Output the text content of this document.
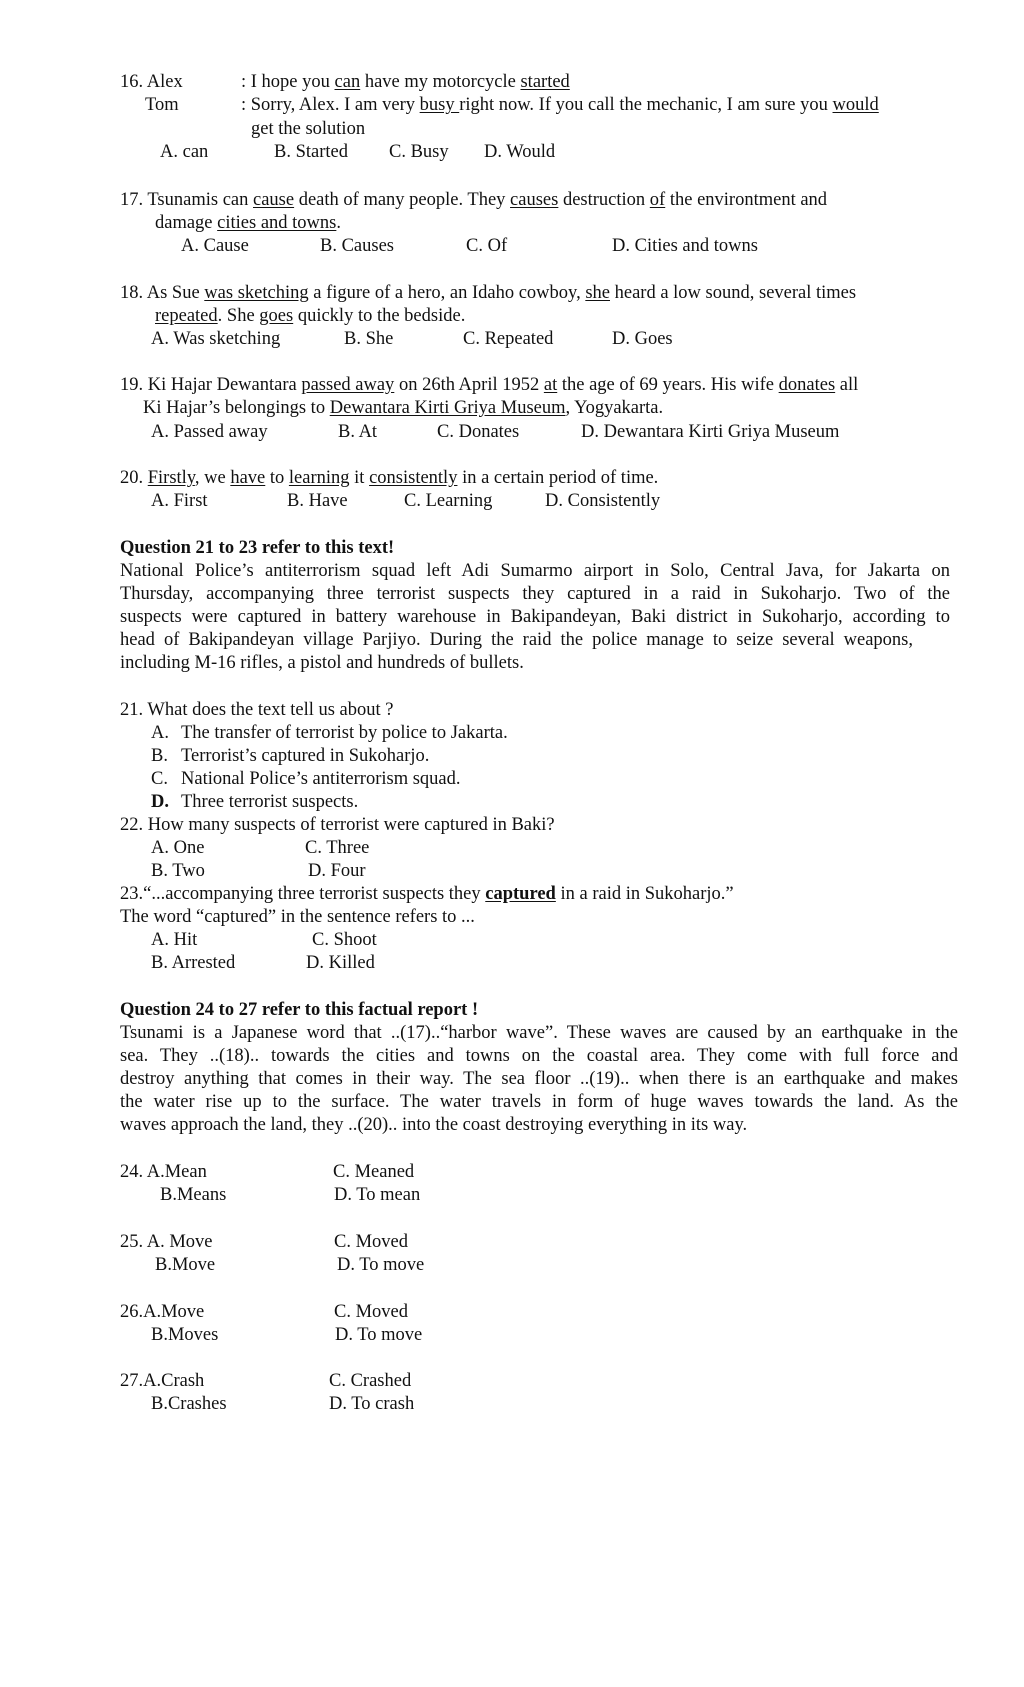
16. Alex	: I hope you can have my motorcycle started
Tom	: Sorry, Alex. I am very busy right now. If you call the mechanic, I am sure you would
get the solution
A. can	B. Started C. Busy D. Would
17. Tsunamis can cause death of many people. They causes destruction of the environtment and
damage cities and towns.
A. Cause	B. Causes	C. Of	D. Cities and towns
18. As Sue was sketching a figure of a hero, an Idaho cowboy, she heard a low sound, several times
repeated. She goes quickly to the bedside.
A. Was sketching	B. She	C. Repeated	D. Goes
19. Ki Hajar Dewantara passed away on 26th April 1952 at the age of 69 years. His wife donates all
Ki Hajar’s belongings to Dewantara Kirti Griya Museum, Yogyakarta.
A. Passed away	B. At	C. Donates	D. Dewantara Kirti Griya Museum
20. Firstly, we have to learning it consistently in a certain period of time.
A. First	B. Have	C. Learning	D. Consistently
Question 21 to 23 refer to this text!
National Police’s antiterrorism squad left Adi Sumarmo airport in Solo, Central Java, for Jakarta on
Thursday, accompanying three terrorist suspects they captured in a raid in Sukoharjo. Two of the
suspects were captured in battery warehouse in Bakipandeyan, Baki district in Sukoharjo, according to
head of Bakipandeyan village Parjiyo. During the raid the police manage to seize several weapons,
including M-16 rifles, a pistol and hundreds of bullets.
21. What does the text tell us about ?
A. The transfer of terrorist by police to Jakarta.
B. Terrorist’s captured in Sukoharjo.
C. National Police’s antiterrorism squad.
D. Three terrorist suspects.
22. How many suspects of terrorist were captured in Baki?
A. One	C. Three
B. Two	D. Four
23.“...accompanying three terrorist suspects they captured in a raid in Sukoharjo.”
The word “captured” in the sentence refers to ...
A. Hit	C. Shoot
B. Arrested	D. Killed
Question 24 to 27 refer to this factual report !
Tsunami is a Japanese word that ..(17)..“harbor wave”. These waves are caused by an earthquake in the
sea. They ..(18).. towards the cities and towns on the coastal area. They come with full force and
destroy anything that comes in their way. The sea floor ..(19).. when there is an earthquake and makes
the water rise up to the surface. The water travels in form of huge waves towards the land. As the
waves approach the land, they ..(20).. into the coast destroying everything in its way.
24. A.Mean	C. Meaned
B.Means	D. To mean
25. A. Move	C. Moved
B.Move	D. To move
26.A.Move	C. Moved
B.Moves	D. To move
27.A.Crash	C. Crashed
B.Crashes	D. To crash
